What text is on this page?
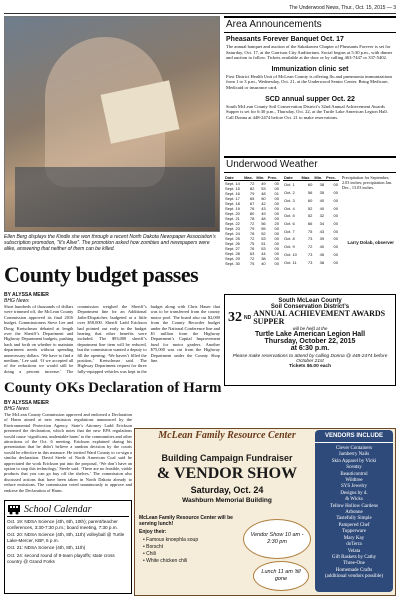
The Underwood News, Thur., Oct. 15, 2015 — 3
Ellen Berg displays the Kindle she won through a recent North Dakota Newspaper Association’s subscription promotion, "It’s Alive". The promotion asked how zombies and newspapers were alike, answering that neither of them can be killed.
Area Announcements
Pheasants Forever Banquet Oct. 17
The annual banquet and auction of the Sakakawea Chapter of Pheasants Forever is set for Saturday, Oct. 17, at the Garrison City Auditorium. Social begins at 5:30 p.m., with dinner and auction to follow. Tickets available at the door or by calling 463-7447 or 337-5402.
Immunization clinic set
First District Health Unit of McLean County is offering flu and pneumonia immunizations from 1 to 3 p.m., Wednesday, Oct. 21, at the Underwood Senior Center. Bring Medicare, Medicaid or insurance card.
SCD annual supper Oct. 22
South McLean County Soil Conservation District’s 32nd Annual Achievement Awards Supper is set for 6:30 p.m., Thursday, Oct. 22, at the Turtle Lake American Legion Hall. Call Donna at 448-2474 before Oct. 21 to make reservations.
Underwood Weather
Date	Max.	Min.	Prec.
Sept. 14	72	49	00
Sept. 15	82	53	00
Sept. 16	79	48	01
Sept. 17	65	50	00
Sept. 18	67	42	00
Sept. 19	76	43	00
Sept. 20	80	49	00
Sept. 21	78	48	00
Sept. 22	72	56	20
Sept. 23	79	55	00
Sept. 24	78	52	00
Sept. 25	72	53	00
Sept. 26	75	51	00
Sept. 27	76	53	00
Sept. 28	63	44	00
Sept. 29	72	38	00
Sept. 30	75	40	00
Date	Max.	Min.	Prec.
Oct. 1	60	38	00
Oct. 2	56	35	00
Oct. 3	60	40	00
Oct. 4	52	40	00
Oct. 5	52	32	00
Oct. 6	66	34	00
Oct. 7	75	43	00
Oct. 8	73	39	00
Oct. 9	72	40	00
Oct. 10	73	45	00
Oct. 11	73	38	00
Precipitation for September, 2.03 inches; precipitation Jan. Dec., 13.03 inches.
Larry Dolab, observer
County budget passes
BY ALYSSA MEIER
BHG News
Short hundreds of thousands of dollars were trimmed off, the McLean County Commission approved its final 2016 budget. Commissioners Steve Lee and Doug Kretschmar debated at length over the Sheriff’s Department and Highway Department budgets, pushing back and forth on whether to maintain department needs without spending unnecessary dollars. ‘We have to find a medium,’ Lee said. ‘If we accepted all of the reductions we would still be doing a percent increase.’ The commission weighed the Sheriff’s Department line for an Additional Jailer/Dispatcher, budgeted at a little over $58,000. Sheriff Ladd Erickson had pointed out early in the budget hearing that other benefits were included. The $93,000 sheriff’s department line item will be reduced, but the commission wanted a deputy to fill the opening. ‘We haven’t filled the position,’ Kretschmar said. The Highway Department request for three fully-equipped vehicles was kept in the budget along with Chris Hauer that was to be transferred from the county motor pool. The board also cut $2,000 from the County Recorder budget under the National Conference line and $1 million from the Highway Department’s Capital Improvement fund for motor graders. Another $75,000 was cut from the Highway Department under the County Shop line.
South McLean County
Soil Conservation District’s
32 ND ANNUAL ACHIEVEMENT AWARDS SUPPER
will be held at the
Turtle Lake American Legion Hall
Thursday, October 22, 2015
at 6:30 p.m.
Please make reservations to attend by calling Donna @ 448-2474 before October 21st
Tickets $6.00 each
County OKs Declaration of Harm
BY ALYSSA MEIER
BHG News
The McLean County Commission approved and endorsed a Declaration of Harm aimed at new emission regulations announced by the Environmental Protection Agency. State’s Attorney Ladd Erickson presented the declaration, which notes that the new EPA regulations would cause ‘significant, undeniable harm’ to the communities and other attractions of the Oct. 6 meeting. Erickson explained during his presentation that he didn’t believe a random decision by the courts would be effective in this measure. He invited Ward County to co-sign a similar declaration. David Steele of North American Coal said he appreciated the work Erickson put into the proposal. ‘We don’t have an option to stop this technology,’ Steele said. ‘There are no feasible, viable products that you can go buy off the shelves.’ The commission also discussed actions that have been taken in North Dakota already to reduce emissions. The commission voted unanimously to approve and endorse the Declaration of Harm.
School Calendar
Oct. 19: NDSA Science (4th, 6th, 10th); parent/teacher conferences, 3:30-7:30 p.m.; board meeting, 7:30 p.m.
Oct. 20: NDSA Science (4th, 8th, 11th) volleyball @ Turtle Lake-Mercer, KBF, 5 p.m.
Oct. 21: NDSA Science (4th, 8th, 11th)
Oct. 24: second round of 8-team playoffs; state cross country @ Grand Forks
McLean Family Resource Center
Building Campaign Fundraiser
& VENDOR SHOW
Saturday, Oct. 24
Washburn Memorial Building
McLean Family Resource Center will be serving lunch!
Enjoy their:
• Famous knoephla soup
• Borscht
• Chili
• White chicken chili
Vendor Show 10 am - 2:30 pm
Lunch 11 am 'till gone
VENDORS INCLUDE
Clever Containers
Jamberry Nails
Skin Apparel by Vicki
Scentsy
Beauticontrol
Wildtree
SYS Jewelry
Designs by d.
& Wicks
Tellow Hollow Gardens
Arbonne
Tastefully Simple
Pampered Chef
Tupperware
Mary Kay
doTerra
Velata
Gift Baskets by Cathy
Three-One
Homemade Crafts
(additional vendors possible)
